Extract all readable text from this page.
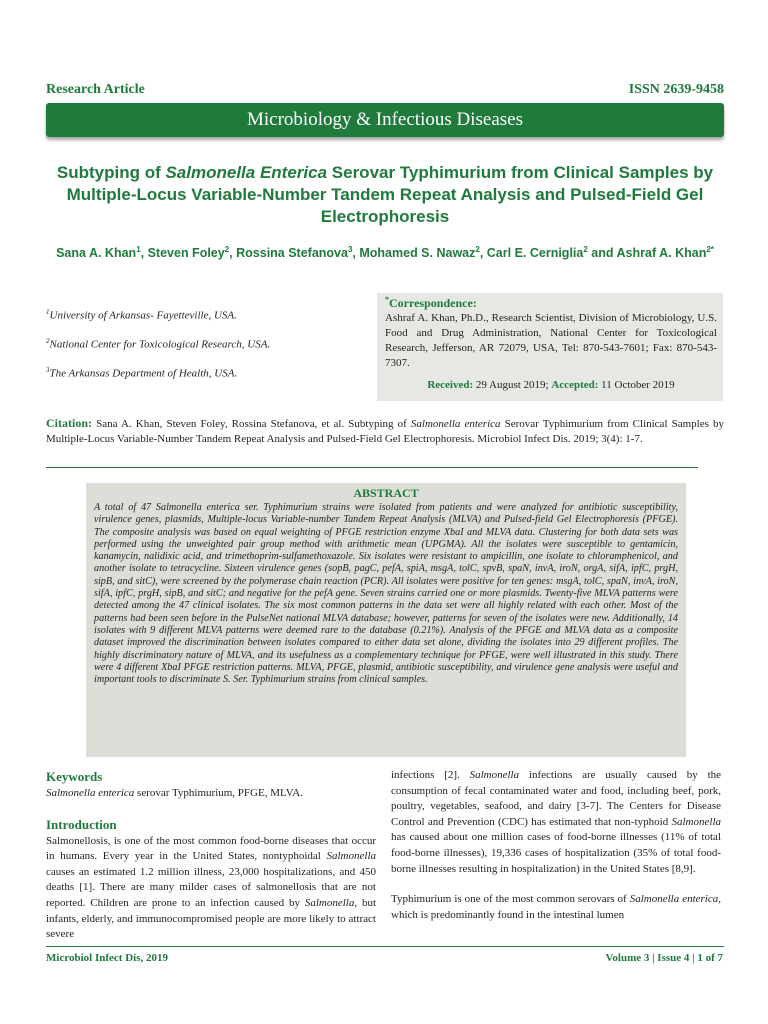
Research Article	ISSN 2639-9458
Microbiology & Infectious Diseases
Subtyping of Salmonella Enterica Serovar Typhimurium from Clinical Samples by Multiple-Locus Variable-Number Tandem Repeat Analysis and Pulsed-Field Gel Electrophoresis
Sana A. Khan$^1$, Steven Foley$^2$, Rossina Stefanova$^3$, Mohamed S. Nawaz$^2$, Carl E. Cerniglia$^2$ and Ashraf A. Khan$^{2*}$
$^1$University of Arkansas- Fayetteville, USA.
$^2$National Center for Toxicological Research, USA.
$^3$The Arkansas Department of Health, USA.
*Correspondence:
Ashraf A. Khan, Ph.D., Research Scientist, Division of Microbiology, U.S. Food and Drug Administration, National Center for Toxicological Research, Jefferson, AR 72079, USA, Tel: 870-543-7601; Fax: 870-543-7307.
Received: 29 August 2019; Accepted: 11 October 2019
Citation: Sana A. Khan, Steven Foley, Rossina Stefanova, et al. Subtyping of Salmonella enterica Serovar Typhimurium from Clinical Samples by Multiple-Locus Variable-Number Tandem Repeat Analysis and Pulsed-Field Gel Electrophoresis. Microbiol Infect Dis. 2019; 3(4): 1-7.
ABSTRACT
A total of 47 Salmonella enterica ser. Typhimurium strains were isolated from patients and were analyzed for antibiotic susceptibility, virulence genes, plasmids, Multiple-locus Variable-number Tandem Repeat Analysis (MLVA) and Pulsed-field Gel Electrophoresis (PFGE). The composite analysis was based on equal weighting of PFGE restriction enzyme XbaI and MLVA data. Clustering for both data sets was performed using the unweighted pair group method with arithmetic mean (UPGMA). All the isolates were susceptible to gentamicin, kanamycin, nalidixic acid, and trimethoprim-sulfamethoxazole. Six isolates were resistant to ampicillin, one isolate to chloramphenicol, and another isolate to tetracycline. Sixteen virulence genes (sopB, pagC, pefA, spiA, msgA, tolC, spvB, spaN, invA, iroN, orgA, sifA, ipfC, prgH, sipB, and sitC), were screened by the polymerase chain reaction (PCR). All isolates were positive for ten genes: msgA, tolC, spaN, invA, iroN, sifA, ipfC, prgH, sipB, and sitC; and negative for the pefA gene. Seven strains carried one or more plasmids. Twenty-five MLVA patterns were detected among the 47 clinical isolates. The six most common patterns in the data set were all highly related with each other. Most of the patterns had been seen before in the PulseNet national MLVA database; however, patterns for seven of the isolates were new. Additionally, 14 isolates with 9 different MLVA patterns were deemed rare to the database (0.21%). Analysis of the PFGE and MLVA data as a composite dataset improved the discrimination between isolates compared to either data set alone, dividing the isolates into 29 different profiles. The highly discriminatory nature of MLVA, and its usefulness as a complementary technique for PFGE, were well illustrated in this study. There were 4 different XbaI PFGE restriction patterns. MLVA, PFGE, plasmid, antibiotic susceptibility, and virulence gene analysis were useful and important tools to discriminate S. Ser. Typhimurium strains from clinical samples.
Keywords

Salmonella enterica serovar Typhimurium, PFGE, MLVA.

Introduction

Salmonellosis, is one of the most common food-borne diseases that occur in humans. Every year in the United States, nontyphoidal Salmonella causes an estimated 1.2 million illness, 23,000 hospitalizations, and 450 deaths [1]. There are many milder cases of salmonellosis that are not reported. Children are prone to an infection caused by Salmonella, but infants, elderly, and immunocompromised people are more likely to attract severe

infections [2]. Salmonella infections are usually caused by the consumption of fecal contaminated water and food, including beef, pork, poultry, vegetables, seafood, and dairy [3-7]. The Centers for Disease Control and Prevention (CDC) has estimated that non-typhoid Salmonella has caused about one million cases of food-borne illnesses (11% of total food-borne illnesses), 19,336 cases of hospitalization (35% of total food-borne illnesses resulting in hospitalization) in the United States [8,9].

Typhimurium is one of the most common serovars of Salmonella enterica, which is predominantly found in the intestinal lumen

Microbiol Infect Dis, 2019	Volume 3 | Issue 4 | 1 of 7
